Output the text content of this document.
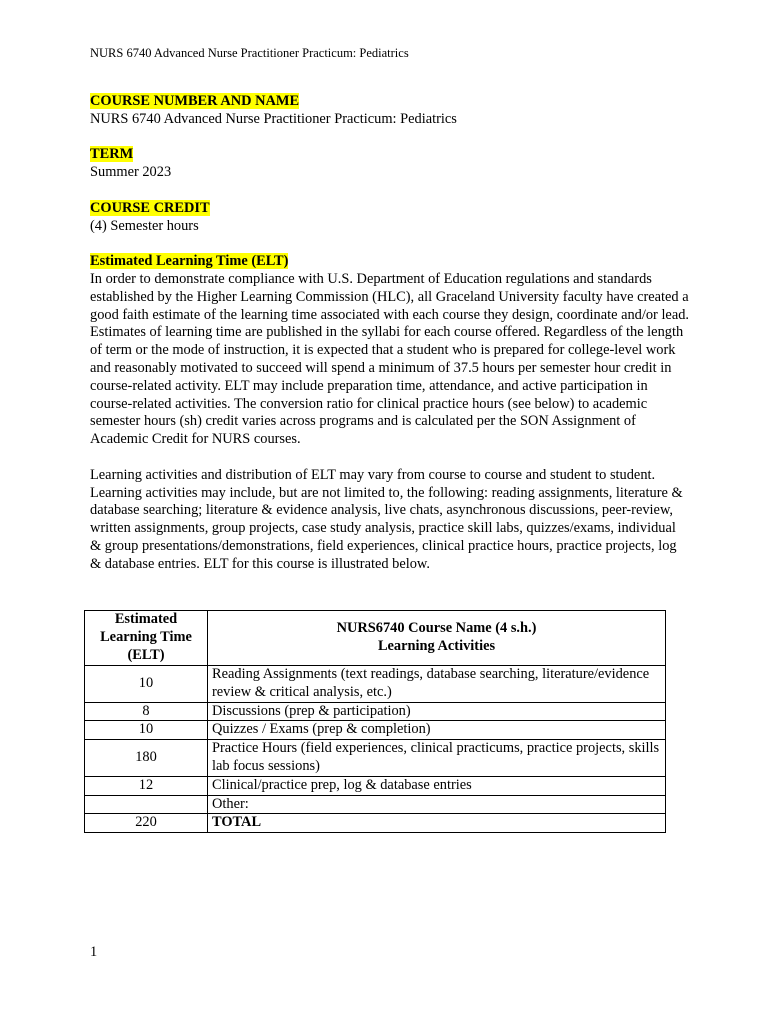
NURS 6740 Advanced Nurse Practitioner Practicum: Pediatrics
COURSE NUMBER AND NAME
NURS 6740 Advanced Nurse Practitioner Practicum: Pediatrics
TERM
Summer 2023
COURSE CREDIT
(4) Semester hours
Estimated Learning Time (ELT)

In order to demonstrate compliance with U.S. Department of Education regulations and standards established by the Higher Learning Commission (HLC), all Graceland University faculty have created a good faith estimate of the learning time associated with each course they design, coordinate and/or lead. Estimates of learning time are published in the syllabi for each course offered. Regardless of the length of term or the mode of instruction, it is expected that a student who is prepared for college-level work and reasonably motivated to succeed will spend a minimum of 37.5 hours per semester hour credit in course-related activity. ELT may include preparation time, attendance, and active participation in course-related activities. The conversion ratio for clinical practice hours (see below) to academic semester hours (sh) credit varies across programs and is calculated per the SON Assignment of Academic Credit for NURS courses.

Learning activities and distribution of ELT may vary from course to course and student to student. Learning activities may include, but are not limited to, the following: reading assignments, literature & database searching; literature & evidence analysis, live chats, asynchronous discussions, peer-review, written assignments, group projects, case study analysis, practice skill labs, quizzes/exams, individual & group presentations/demonstrations, field experiences, clinical practice hours, practice projects, log & database entries. ELT for this course is illustrated below.

Estimated
Learning Time
(ELT)	NURS6740 Course Name (4 s.h.)
Learning Activities
10	Reading Assignments (text readings, database searching, literature/evidence review & critical analysis, etc.)
8	Discussions (prep & participation)
10	Quizzes / Exams (prep & completion)
180	Practice Hours (field experiences, clinical practicums, practice projects, skills lab focus sessions)
12	Clinical/practice prep, log & database entries
	Other:
220	TOTAL
1
